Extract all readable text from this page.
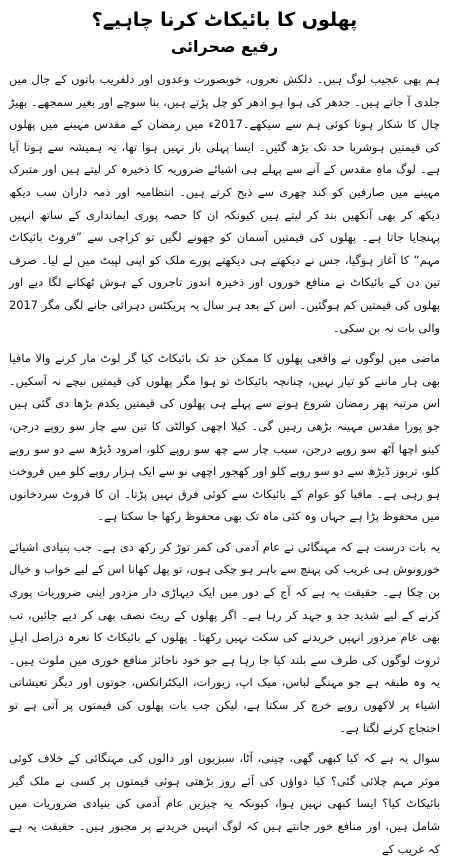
پھلوں کا بائیکاٹ کرنا چاہیے؟
رفیع صحرائی

ہم بھی عجیب لوگ ہیں۔ دلکش نعروں، خوبصورت وعدوں اور دلفریب باتوں کے جال میں جلدی آ جاتے ہیں۔ جدھر کی ہوا ہو ادھر کو چل پڑتے ہیں، بنا سوچے اور بغیر سمجھے۔ بھیڑ چال کا شکار ہونا کوئی ہم سے سیکھے۔2017ء میں رمضان کے مقدس مہینے میں پھلوں کی قیمتیں ہوشربا حد تک بڑھ گئیں۔ ایسا پہلی بار نہیں ہوا تھا، یہ ہمیشہ سے ہوتا آیا ہے۔ لوگ ماہِ مقدس کے آنے سے پہلے ہی اشیائے ضروریہ کا ذخیرہ کر لیتے ہیں اور متبرک مہینے میں صارفین کو کند چھری سے ذبح کرتے ہیں۔ انتظامیہ اور ذمہ داران سب دیکھ دیکھ کر بھی آنکھیں بند کر لیتے ہیں کیونکہ ان کا حصہ پوری ایمانداری کے ساتھ انہیں پہنچایا جاتا ہے۔ پھلوں کی قیمتیں آسمان کو چھونے لگیں تو کراچی سے ”فروٹ بائیکاٹ مہم“ کا آغاز ہوگیا، جس نے دیکھتے ہی دیکھتے پورے ملک کو اپنی لپیٹ میں لے لیا۔ صرف تین دن کے بائیکاٹ نے منافع خوروں اور ذخیرہ اندوز تاجروں کے ہوش ٹھکانے لگا دیے اور پھلوں کی قیمتیں کم ہوگئیں۔ اس کے بعد ہر سال یہ پریکٹس دہرائی جانے لگی مگر 2017 والی بات نہ بن سکی۔

ماضی میں لوگوں نے واقعی پھلوں کا ممکن حد تک بائیکاٹ کیا گر لوٹ مار کرنے والا مافیا بھی ہار ماننے کو تیار نہیں، چنانچہ بائیکاٹ تو ہوا مگر پھلوں کی قیمتیں نیچے نہ آسکیں۔ اس مرتبہ پھر رمضان شروع ہونے سے پہلے ہی پھلوں کی قیمتیں یکدم بڑھا دی گئی ہیں جو پورا مقدس مہینہ بڑھی رہیں گی۔ کیلا اچھی کوالٹی کا تین سے چار سو روپے درجن، کینو اچھا آٹھ سو روپے درجن، سیب چار سے چھ سو روپے کلو، امرود ڈیڑھ سے دو سو روپے کلو، تربوز ڈیڑھ سے دو سو روپے کلو اور کھجور اچھی نو سے ایک ہزار روپے کلو میں فروخت ہو رہی ہے۔ مافیا کو عوام کے بائیکاٹ سے کوئی فرق نہیں پڑتا۔ ان کا فروٹ سردخانوں میں محفوظ پڑا ہے جہاں وہ کئی ماہ تک بھی محفوظ رکھا جا سکتا ہے۔

یہ بات درست ہے کہ مہنگائی نے عام آدمی کی کمر توڑ کر رکھ دی ہے۔ جب بنیادی اشیائے خورونوش ہی غریب کی پہنچ سے باہر ہو چکی ہوں، تو پھل کھانا اس کے لیے خواب و خیال بن چکا ہے۔ حقیقت یہ ہے کہ آج کے دور میں ایک دیہاڑی دار مزدور اپنی ضروریات پوری کرنے کے لیے شدید جد و جہد کر رہا ہے۔ اگر پھلوں کے ریٹ نصف بھی کر دیے جائیں، تب بھی عام مزدور انہیں خریدنے کی سکت نہیں رکھتا۔ پھلوں کے بائیکاٹ کا نعرہ دراصل اہلِ ثروت لوگوں کی طرف سے بلند کیا جا رہا ہے جو خود ناجائز منافع خوری میں ملوث ہیں۔ یہ وہ طبقہ ہے جو مہنگے لباس، میک اپ، زیورات، الیکٹرانکس، جوتوں اور دیگر تعیشاتی اشیاء پر لاکھوں روپے خرچ کر سکتا ہے، لیکن جب بات پھلوں کی قیمتوں پر آتی ہے تو احتجاج کرنے لگتا ہے۔

سوال یہ ہے کہ کیا کبھی گھی، چینی، آٹا، سبزیوں اور دالوں کی مہنگائی کے خلاف کوئی موثر مہم چلائی گئی؟ کیا دواؤں کی آئے روز بڑھتی ہوئی قیمتوں پر کسی نے ملک گیر بائیکاٹ کیا؟ ایسا کبھی نہیں ہوا، کیونکہ یہ چیزیں عام آدمی کی بنیادی ضروریات میں شامل ہیں، اور منافع خور جانتے ہیں کہ لوگ انہیں خریدنے پر مجبور ہیں۔ حقیقت یہ ہے کہ غریب کے
